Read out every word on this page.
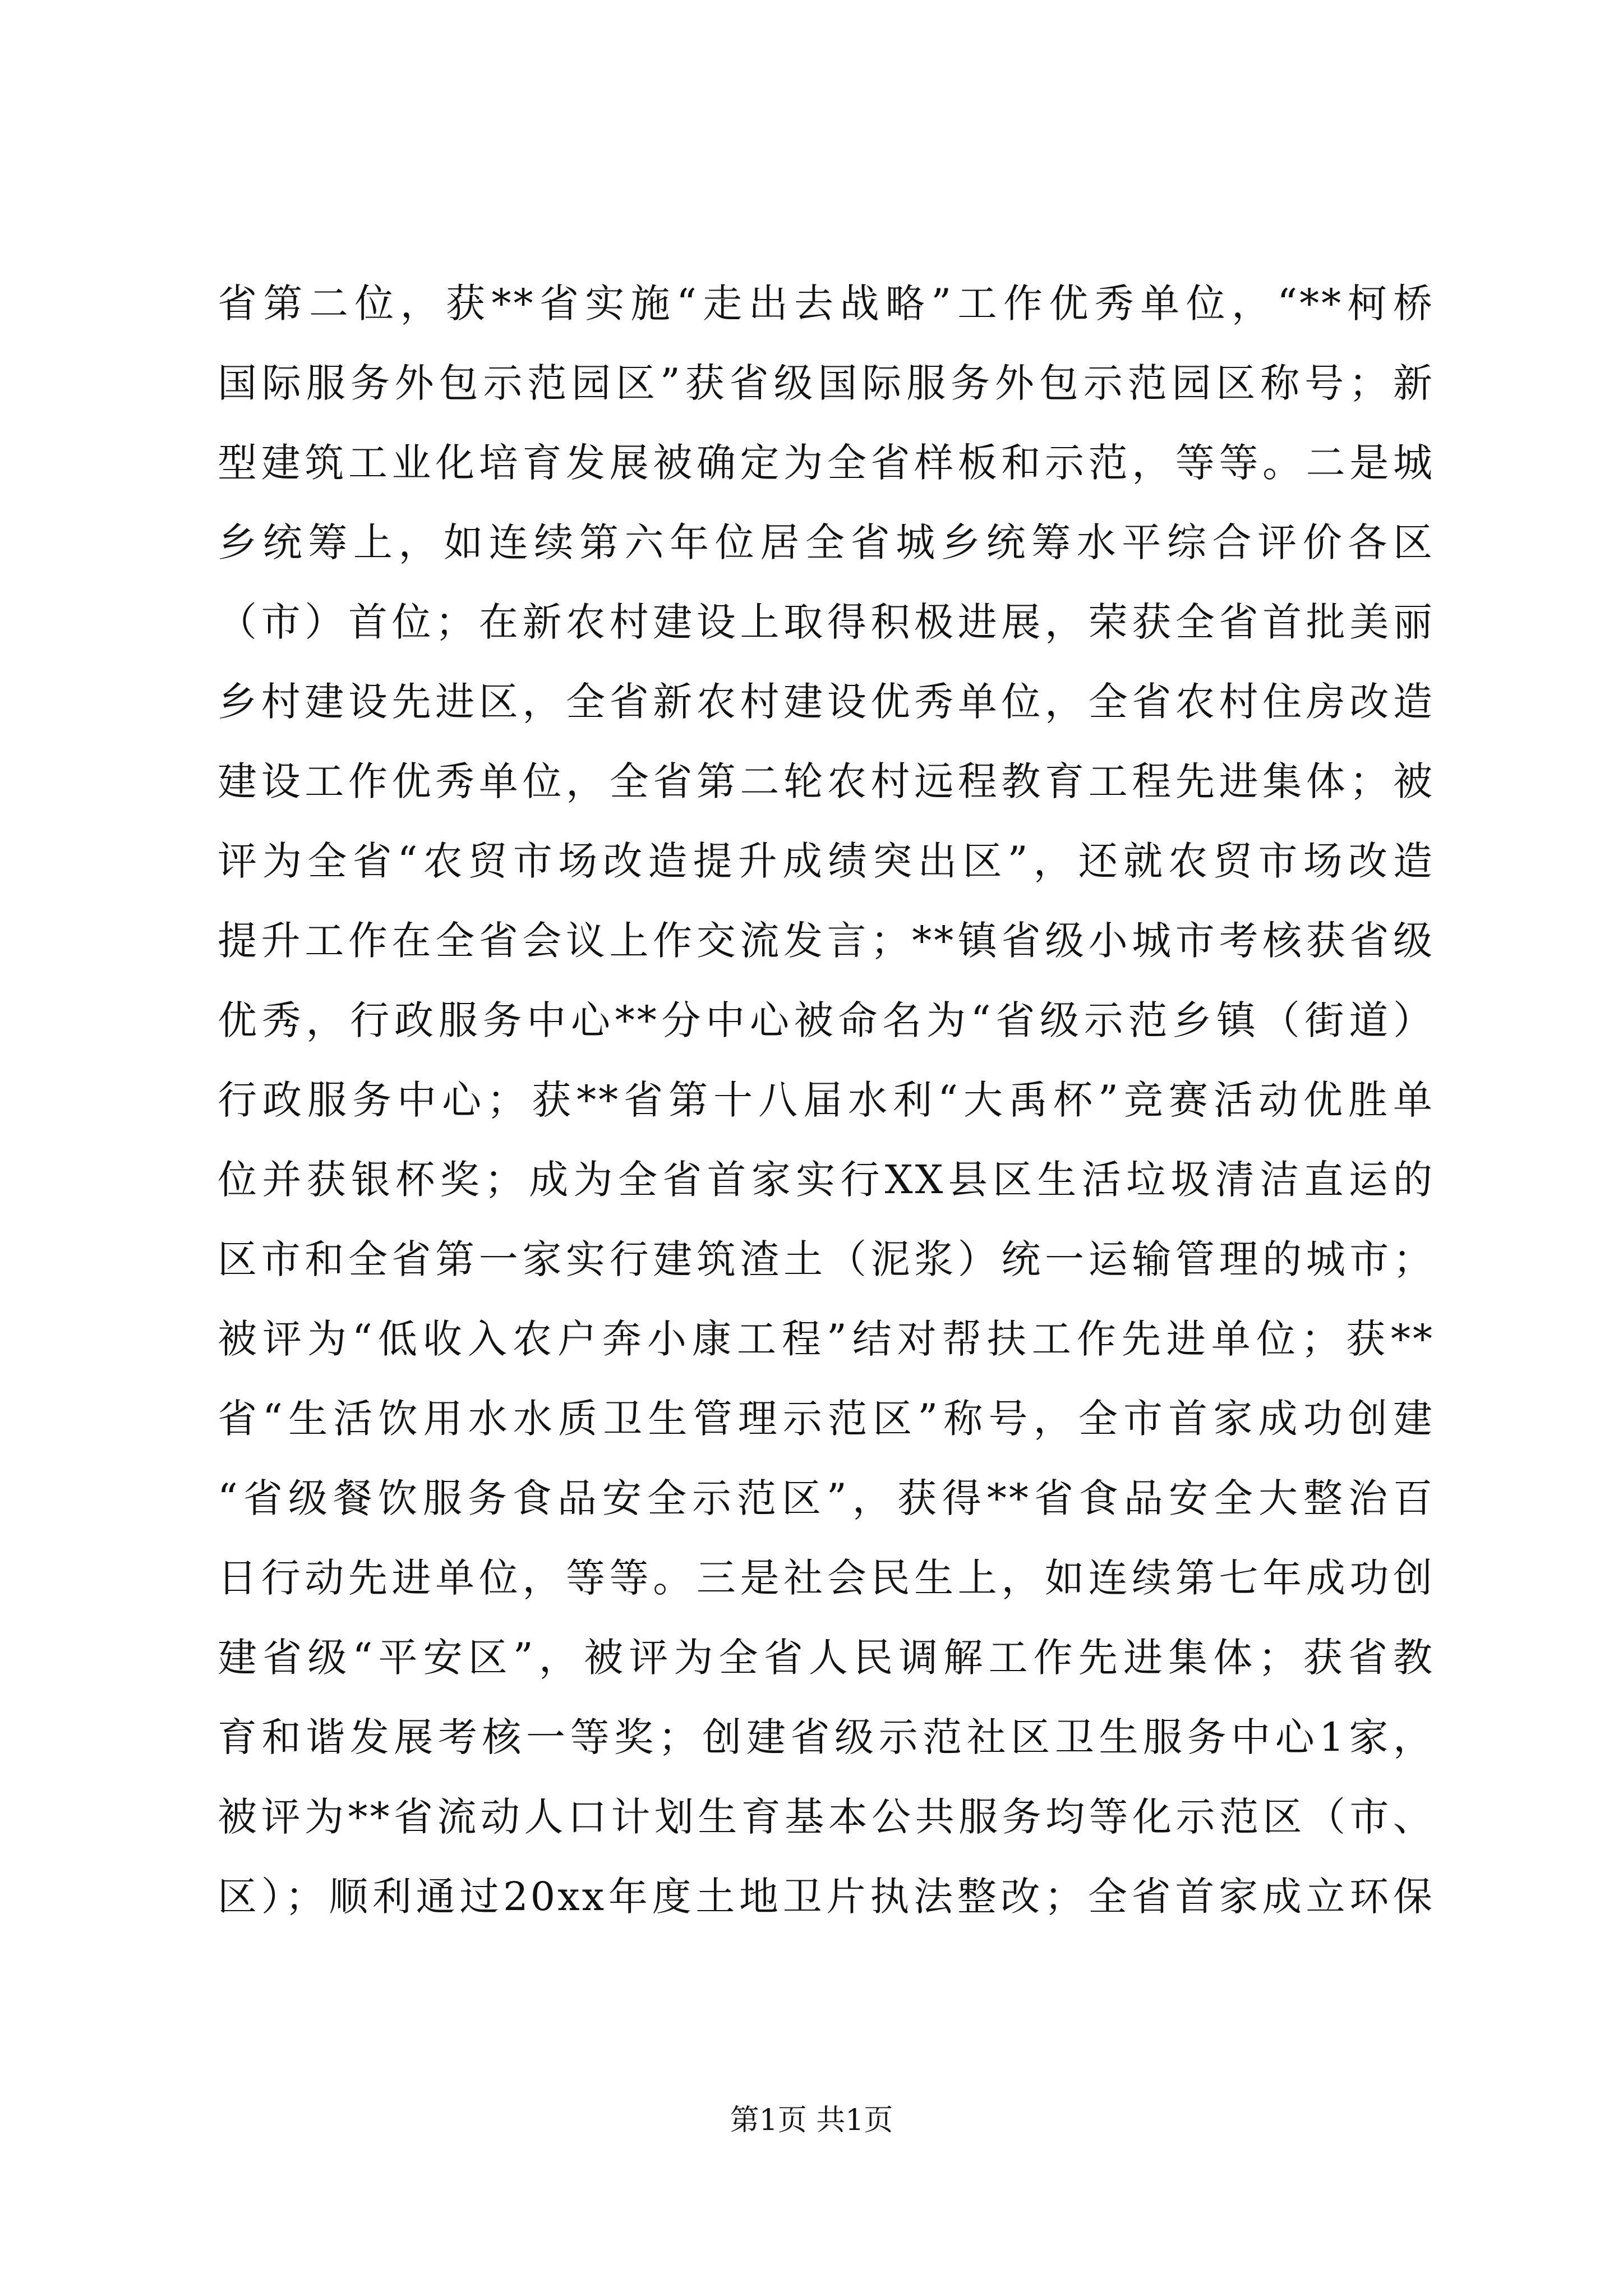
省第二位，获**省实施“走出去战略”工作优秀单位，“**柯桥
国际服务外包示范园区”获省级国际服务外包示范园区称号；新
型建筑工业化培育发展被确定为全省样板和示范，等等。二是城
乡统筹上，如连续第六年位居全省城乡统筹水平综合评价各区
（市）首位；在新农村建设上取得积极进展，荣获全省首批美丽
乡村建设先进区，全省新农村建设优秀单位，全省农村住房改造
建设工作优秀单位，全省第二轮农村远程教育工程先进集体；被
评为全省“农贸市场改造提升成绩突出区”，还就农贸市场改造
提升工作在全省会议上作交流发言；**镇省级小城市考核获省级
优秀，行政服务中心**分中心被命名为“省级示范乡镇（街道）
行政服务中心；获**省第十八届水利“大禹杯”竞赛活动优胜单
位并获银杯奖；成为全省首家实行XX县区生活垃圾清洁直运的
区市和全省第一家实行建筑渣土（泥浆）统一运输管理的城市；
被评为“低收入农户奔小康工程”结对帮扶工作先进单位；获**
省“生活饮用水水质卫生管理示范区”称号，全市首家成功创建
“省级餐饮服务食品安全示范区”，获得**省食品安全大整治百
日行动先进单位，等等。三是社会民生上，如连续第七年成功创
建省级“平安区”，被评为全省人民调解工作先进集体；获省教
育和谐发展考核一等奖；创建省级示范社区卫生服务中心1家，
被评为**省流动人口计划生育基本公共服务均等化示范区（市、
区）；顺利通过20xx年度土地卫片执法整改；全省首家成立环保
第1页 共1页
